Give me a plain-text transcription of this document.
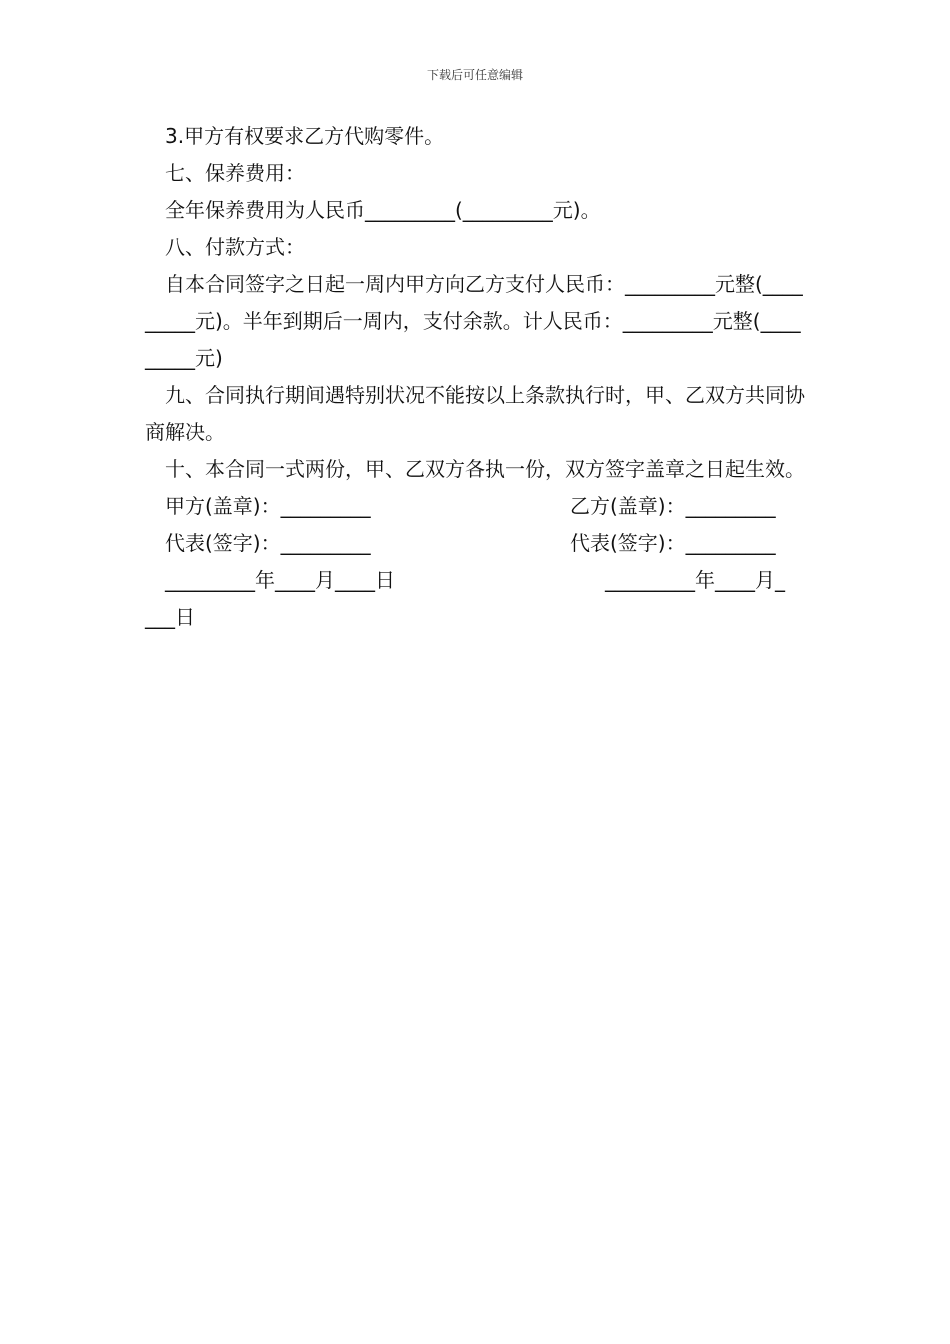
下载后可任意编辑

3.甲方有权要求乙方代购零件。

七、保养费用：

全年保养费用为人民币_________(_________元)。

八、付款方式：

自本合同签字之日起一周内甲方向乙方支付人民币：_________元整(_________元)。半年到期后一周内，支付余款。计人民币：_________元整(_________元)

九、合同执行期间遇特别状况不能按以上条款执行时，甲、乙双方共同协商解决。

十、本合同一式两份，甲、乙双方各执一份，双方签字盖章之日起生效。

甲方(盖章)：_________	乙方(盖章)：_________
代表(签字)：_________	代表(签字)：_________
_________年____月____日	_________年____月_
___日
